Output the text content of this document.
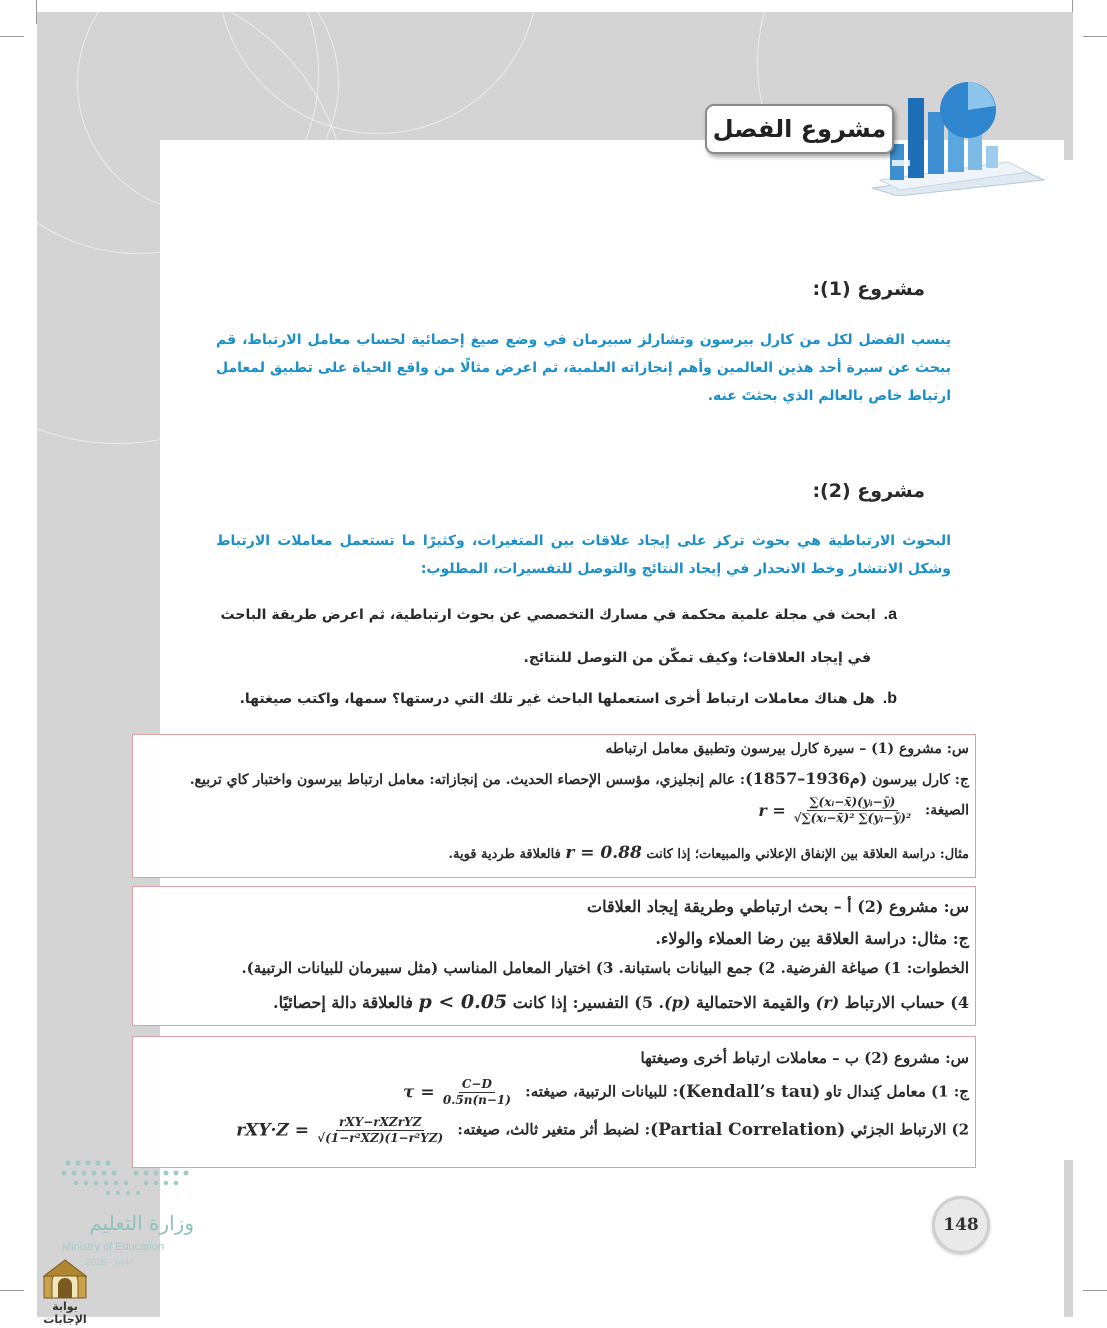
مشروع الفصل
مشروع (1):
ينسب الفضل لكل من كارل بيرسون وتشارلز سبيرمان في وضع صيغ إحصائية لحساب معامل الارتباط، قم ببحث عن سيرة أحد هذين العالمين وأهم إنجازاته العلمية، ثم اعرض مثالًا من واقع الحياة على تطبيق لمعامل ارتباط خاص بالعالم الذي بحثتَ عنه.
مشروع (2):
البحوث الارتباطية هي بحوث تركز على إيجاد علاقات بين المتغيرات، وكثيرًا ما تستعمل معاملات الارتباط وشكل الانتشار وخط الانحدار في إيجاد النتائج والتوصل للتفسيرات، المطلوب:
a.ابحث في مجلة علمية محكمة في مسارك التخصصي عن بحوث ارتباطية، ثم اعرض طريقة الباحث
في إيجاد العلاقات؛ وكيف تمكّن من التوصل للنتائج.
b.هل هناك معاملات ارتباط أخرى استعملها الباحث غير تلك التي درستها؟ سمها، واكتب صيغتها.
س: مشروع (1) – سيرة كارل بيرسون وتطبيق معامل ارتباطه
ج: كارل بيرسون (1857–1936م): عالم إنجليزي، مؤسس الإحصاء الحديث. من إنجازاته: معامل ارتباط بيرسون واختبار كاي تربيع.
الصيغة: $r = \frac{\text{∑(xᵢ−x̄)(yᵢ−ȳ)}}{\text{√∑(xᵢ−x̄)² ∑(yᵢ−ȳ)²}}$
مثال: دراسة العلاقة بين الإنفاق الإعلاني والمبيعات؛ إذا كانت r = 0.88 فالعلاقة طردية قوية.
س: مشروع (2) أ – بحث ارتباطي وطريقة إيجاد العلاقات
ج: مثال: دراسة العلاقة بين رضا العملاء والولاء.
الخطوات: 1) صياغة الفرضية. 2) جمع البيانات باستبانة. 3) اختيار المعامل المناسب (مثل سبيرمان للبيانات الرتبية).
4) حساب الارتباط (r) والقيمة الاحتمالية (p). 5) التفسير: إذا كانت p < 0.05 فالعلاقة دالة إحصائيًا.
س: مشروع (2) ب – معاملات ارتباط أخرى وصيغتها
ج: 1) معامل كِندال تاو (Kendall’s tau): للبيانات الرتبية، صيغته: $\tau = \frac{C-D}{0.5n(n-1)}$
2) الارتباط الجزئي (Partial Correlation): لضبط أثر متغير ثالث، صيغته: $rXY\cdot Z = \frac{\text{rXY−rXZrYZ}}{\text{√(1−r²XZ)(1−r²YZ)}}$
148
وزارة التعليم
Ministry of Education
2025 - 1447
بوابة الإجابات
